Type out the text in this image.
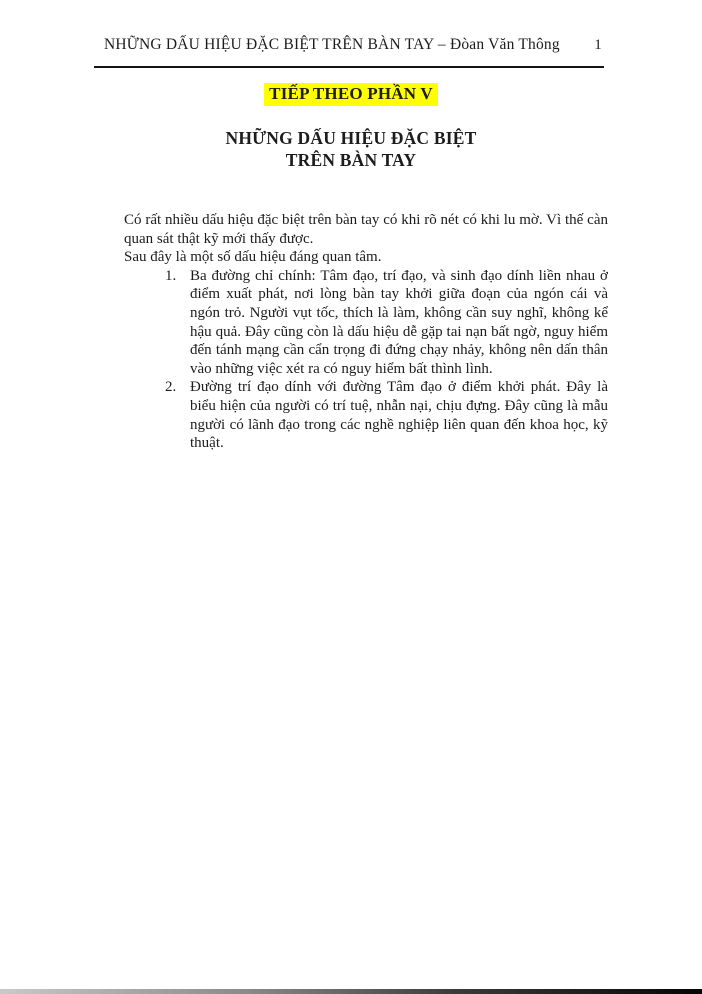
NHỮNG DẤU HIỆU ĐẶC BIỆT TRÊN BÀN TAY – Đòan Văn Thông 1
TIẾP THEO PHẦN V
NHỮNG DẤU HIỆU ĐẶC BIỆT
TRÊN BÀN TAY

Có rất nhiều dấu hiệu đặc biệt trên bàn tay có khi rõ nét có khi lu mờ. Vì thế càn quan sát thật kỹ mới thấy được.

Sau đây là một số dấu hiệu đáng quan tâm.

1. Ba đường chỉ chính: Tâm đạo, trí đạo, và sinh đạo dính liền nhau ở điểm xuất phát, nơi lòng bàn tay khởi giữa đoạn của ngón cái và ngón trỏ. Người vụt tốc, thích là làm, không cần suy nghĩ, không kể hậu quả. Đây cũng còn là dấu hiệu dễ gặp tai nạn bất ngờ, nguy hiểm đến tánh mạng cần cẩn trọng đi đứng chạy nhảy, không nên dấn thân vào những việc xét ra có nguy hiểm bất thình lình.
2. Đường trí đạo dính với đường Tâm đạo ở điểm khởi phát. Đây là biểu hiện của người có trí tuệ, nhẫn nại, chịu đựng. Đây cũng là mẫu người có lãnh đạo trong các nghề nghiệp liên quan đến khoa học, kỹ thuật.
